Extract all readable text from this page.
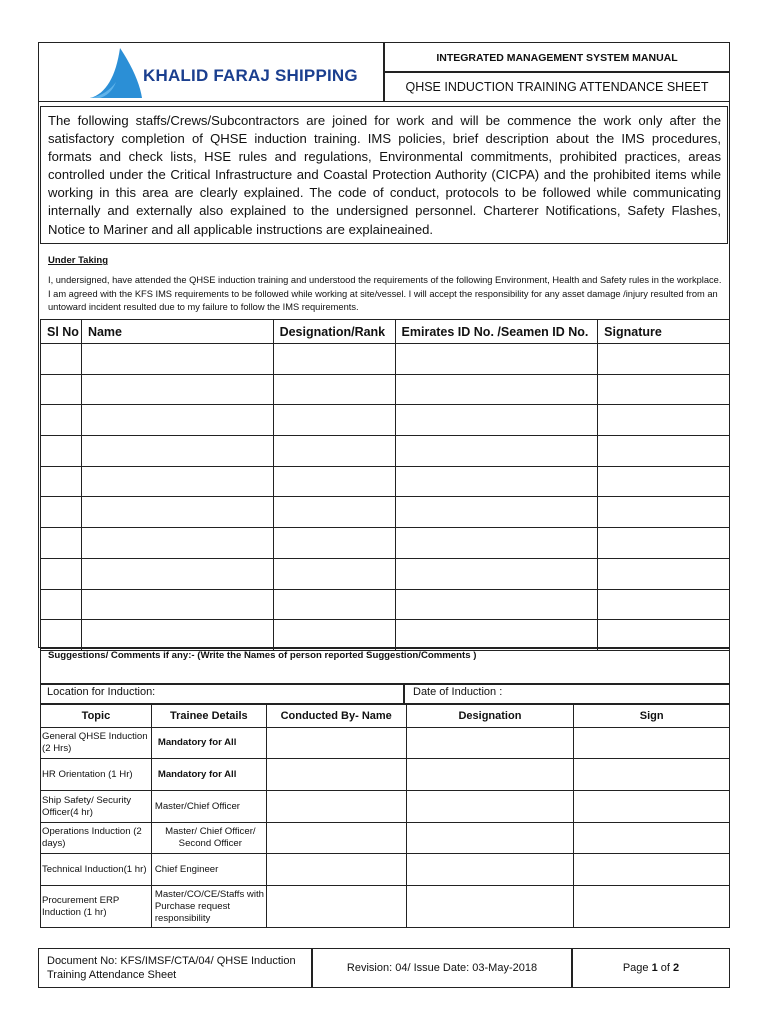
KHALID FARAJ SHIPPING
INTEGRATED MANAGEMENT SYSTEM MANUAL
QHSE INDUCTION TRAINING ATTENDANCE SHEET
The following staffs/Crews/Subcontractors are joined for work and will be commence the work only after the satisfactory completion of QHSE induction training. IMS policies, brief description about the IMS procedures, formats and check lists, HSE rules and regulations, Environmental commitments, prohibited practices, areas controlled under the Critical Infrastructure and Coastal Protection Authority (CICPA) and the prohibited items while working in this area are clearly explained. The code of conduct, protocols to be followed while communicating internally and externally also explained to the undersigned personnel. Charterer Notifications, Safety Flashes, Notice to Mariner and all applicable instructions are explaineained.
Under Taking
I, undersigned, have attended the QHSE induction training and understood the requirements of the following Environment, Health and Safety rules in the workplace. I am agreed with the KFS IMS requirements to be followed while working at site/vessel. I will accept the responsibility for any asset damage /injury resulted from an untoward incident resulted due to my failure to follow the IMS requirements.
Sl No	Name	Designation/Rank	Emirates ID No. /Seamen ID No.	Signature

Suggestions/ Comments if any:- (Write the Names of person reported Suggestion/Comments )
Location for Induction:	Date of Induction :
Topic	Trainee Details	Conducted By- Name	Designation	Sign
General QHSE Induction (2 Hrs)	Mandatory for All			
HR Orientation (1 Hr)	Mandatory for All			
Ship Safety/ Security Officer(4 hr)	Master/Chief Officer			
Operations Induction (2 days)	Master/ Chief Officer/ Second Officer			
Technical Induction(1 hr)	Chief Engineer			
Procurement ERP Induction (1 hr)	Master/CO/CE/Staffs with Purchase request responsibility			
Document No: KFS/IMSF/CTA/04/ QHSE Induction Training Attendance Sheet
Revision: 04/ Issue Date: 03-May-2018	Page 1 of 2
